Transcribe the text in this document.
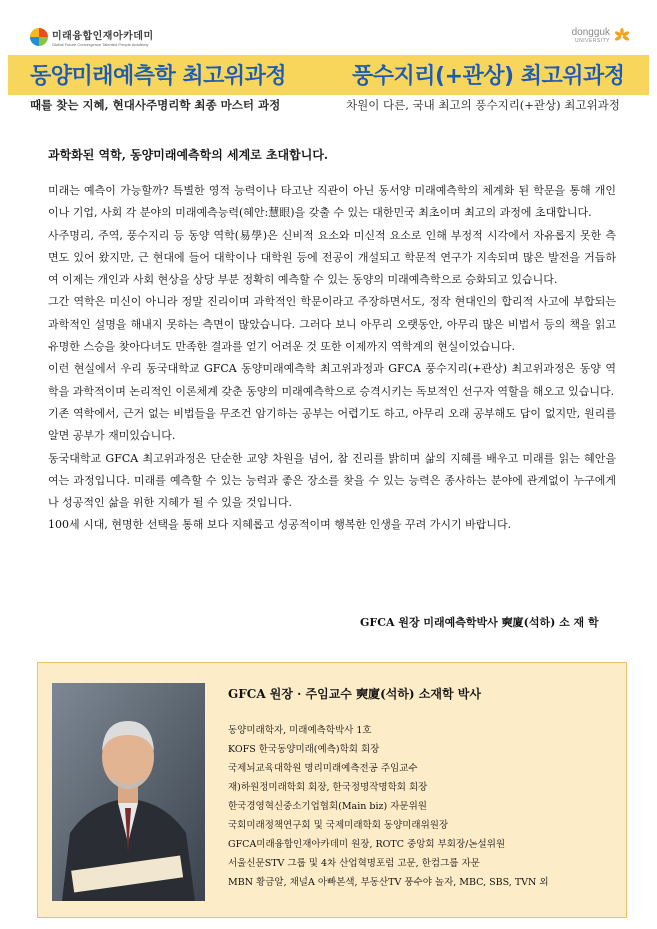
미래융합인재아카데미
Global Future Convergence Talented People Academy
dongguk
UNIVERSITY
동양미래예측학 최고위과정	풍수지리(+관상) 최고위과정
때를 찾는 지혜, 현대사주명리학 최종 마스터 과정	차원이 다른, 국내 최고의 풍수지리(+관상) 최고위과정
과학화된 역학, 동양미래예측학의 세계로 초대합니다.

미래는 예측이 가능할까? 특별한 영적 능력이나 타고난 직관이 아닌 동서양 미래예측학의 체계화 된 학문을 통해 개인이나 기업, 사회 각 분야의 미래예측능력(혜안:慧眼)을 갖출 수 있는 대한민국 최초이며 최고의 과정에 초대합니다.

사주명리, 주역, 풍수지리 등 동양 역학(易學)은 신비적 요소와 미신적 요소로 인해 부정적 시각에서 자유롭지 못한 측면도 있어 왔지만, 근 현대에 들어 대학이나 대학원 등에 전공이 개설되고 학문적 연구가 지속되며 많은 발전을 거듭하여 이제는 개인과 사회 현상을 상당 부분 정확히 예측할 수 있는 동양의 미래예측학으로 승화되고 있습니다.

그간 역학은 미신이 아니라 정말 진리이며 과학적인 학문이라고 주장하면서도, 정작 현대인의 합리적 사고에 부합되는 과학적인 설명을 해내지 못하는 측면이 많았습니다. 그러다 보니 아무리 오랫동안, 아무리 많은 비법서 등의 책을 읽고 유명한 스승을 찾아다녀도 만족한 결과를 얻기 어려운 것 또한 이제까지 역학계의 현실이었습니다.

이런 현실에서 우리 동국대학교 GFCA 동양미래예측학 최고위과정과 GFCA 풍수지리(+관상) 최고위과정은 동양 역학을 과학적이며 논리적인 이론체계 갖춘 동양의 미래예측학으로 승격시키는 독보적인 선구자 역할을 해오고 있습니다.

기존 역학에서, 근거 없는 비법들을 무조건 암기하는 공부는 어렵기도 하고, 아무리 오래 공부해도 답이 없지만, 원리를 알면 공부가 재미있습니다.

동국대학교 GFCA 최고위과정은 단순한 교양 차원을 넘어, 참 진리를 밝히며 삶의 지혜를 배우고 미래를 읽는 혜안을 여는 과정입니다. 미래를 예측할 수 있는 능력과 좋은 장소를 찾을 수 있는 능력은 종사하는 분야에 관계없이 누구에게나 성공적인 삶을 위한 지혜가 될 수 있을 것입니다.

100세 시대, 현명한 선택을 통해 보다 지혜롭고 성공적이며 행복한 인생을 꾸려 가시기 바랍니다.

GFCA 원장 미래예측학박사 奭廈(석하) 소 재 학
GFCA 원장 · 주임교수 奭廈(석하) 소재학 박사
동양미래학자, 미래예측학박사 1호
KOFS 한국동양미래(예측)학회 회장
국제뇌교육대학원 명리미래예측전공 주임교수
재)하원정미래학회 회장, 한국정명작명학회 회장
한국경영혁신중소기업협회(Main biz) 자문위원
국회미래정책연구회 및 국제미래학회 동양미래위원장
GFCA미래융합인재아카데미 원장, ROTC 중앙회 부회장/논설위원
서울신문STV 그룹 및 4차 산업혁명포럼 고문, 한컴그룹 자문
MBN 황금알, 채널A 아빠본색, 부동산TV 풍수야 놀자, MBC, SBS, TVN 외
